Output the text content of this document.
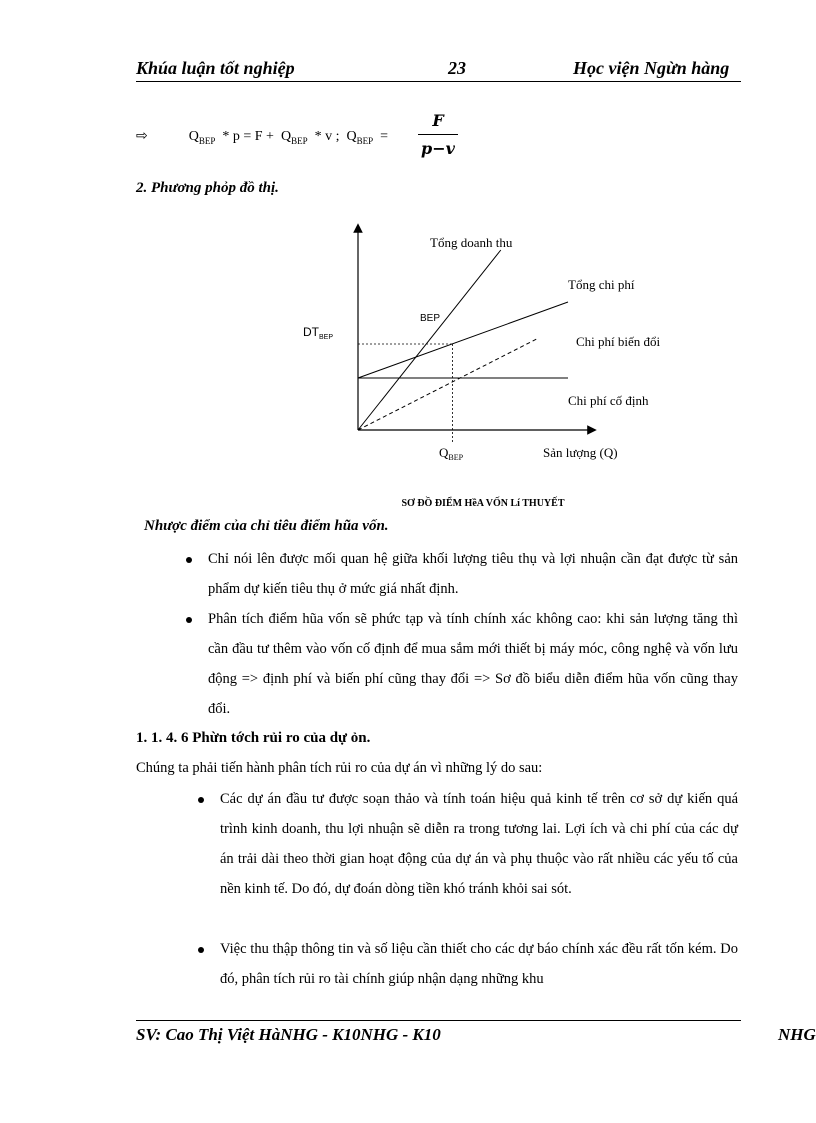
Khúa luận tốt nghiệp	23	Học viện Ngừn hàng
⇨	$Q_{BEP} * p = F + Q_{BEP} * v$ ;  $Q_{BEP}$  =
F
p−v
2. Phương phỏp đồ thị.
Tổng doanh thu
Tổng chi phí
Chi phí biến đổi
Chi phí cố định
BEP
$DT_{BEP}$
$Q_{BEP}$	Sản lượng (Q)
SƠ ĐỒ ĐIỂM HềA VỐN Lí THUYẾT
Nhược điểm của chỉ tiêu điểm hũa vốn.
Chỉ nói lên được mối quan hệ giữa khối lượng tiêu thụ và lợi nhuận cần đạt được từ sản phẩm dự kiến tiêu thụ ở mức giá nhất định.
Phân tích điểm hũa vốn sẽ phức tạp và tính chính xác không cao: khi sản lượng tăng thì cần đầu tư thêm vào vốn cố định để mua sắm mới thiết bị máy móc, công nghệ và vốn lưu động => định phí và biến phí cũng thay đổi => Sơ đồ biểu diễn điểm hũa vốn cũng thay đổi.
1. 1. 4. 6 Phừn tớch rủi ro của dự ỏn.
Chúng ta phải tiến hành phân tích rủi ro của dự án vì những lý do sau:
Các dự án đầu tư được soạn thảo và tính toán hiệu quả kinh tế trên cơ sở dự kiến quá trình kinh doanh, thu lợi nhuận sẽ diễn ra trong tương lai. Lợi ích và chi phí của các dự án trải dài theo thời gian hoạt động của dự án và phụ thuộc vào rất nhiều các yếu tố của nền kinh tế. Do đó, dự đoán dòng tiền khó tránh khỏi sai sót.
Việc thu thập thông tin và số liệu cần thiết cho các dự báo chính xác đều rất tốn kém. Do đó, phân tích rủi ro tài chính giúp nhận dạng những khu
SV: Cao Thị Việt HàNHG - K10NHG - K10	NHG
